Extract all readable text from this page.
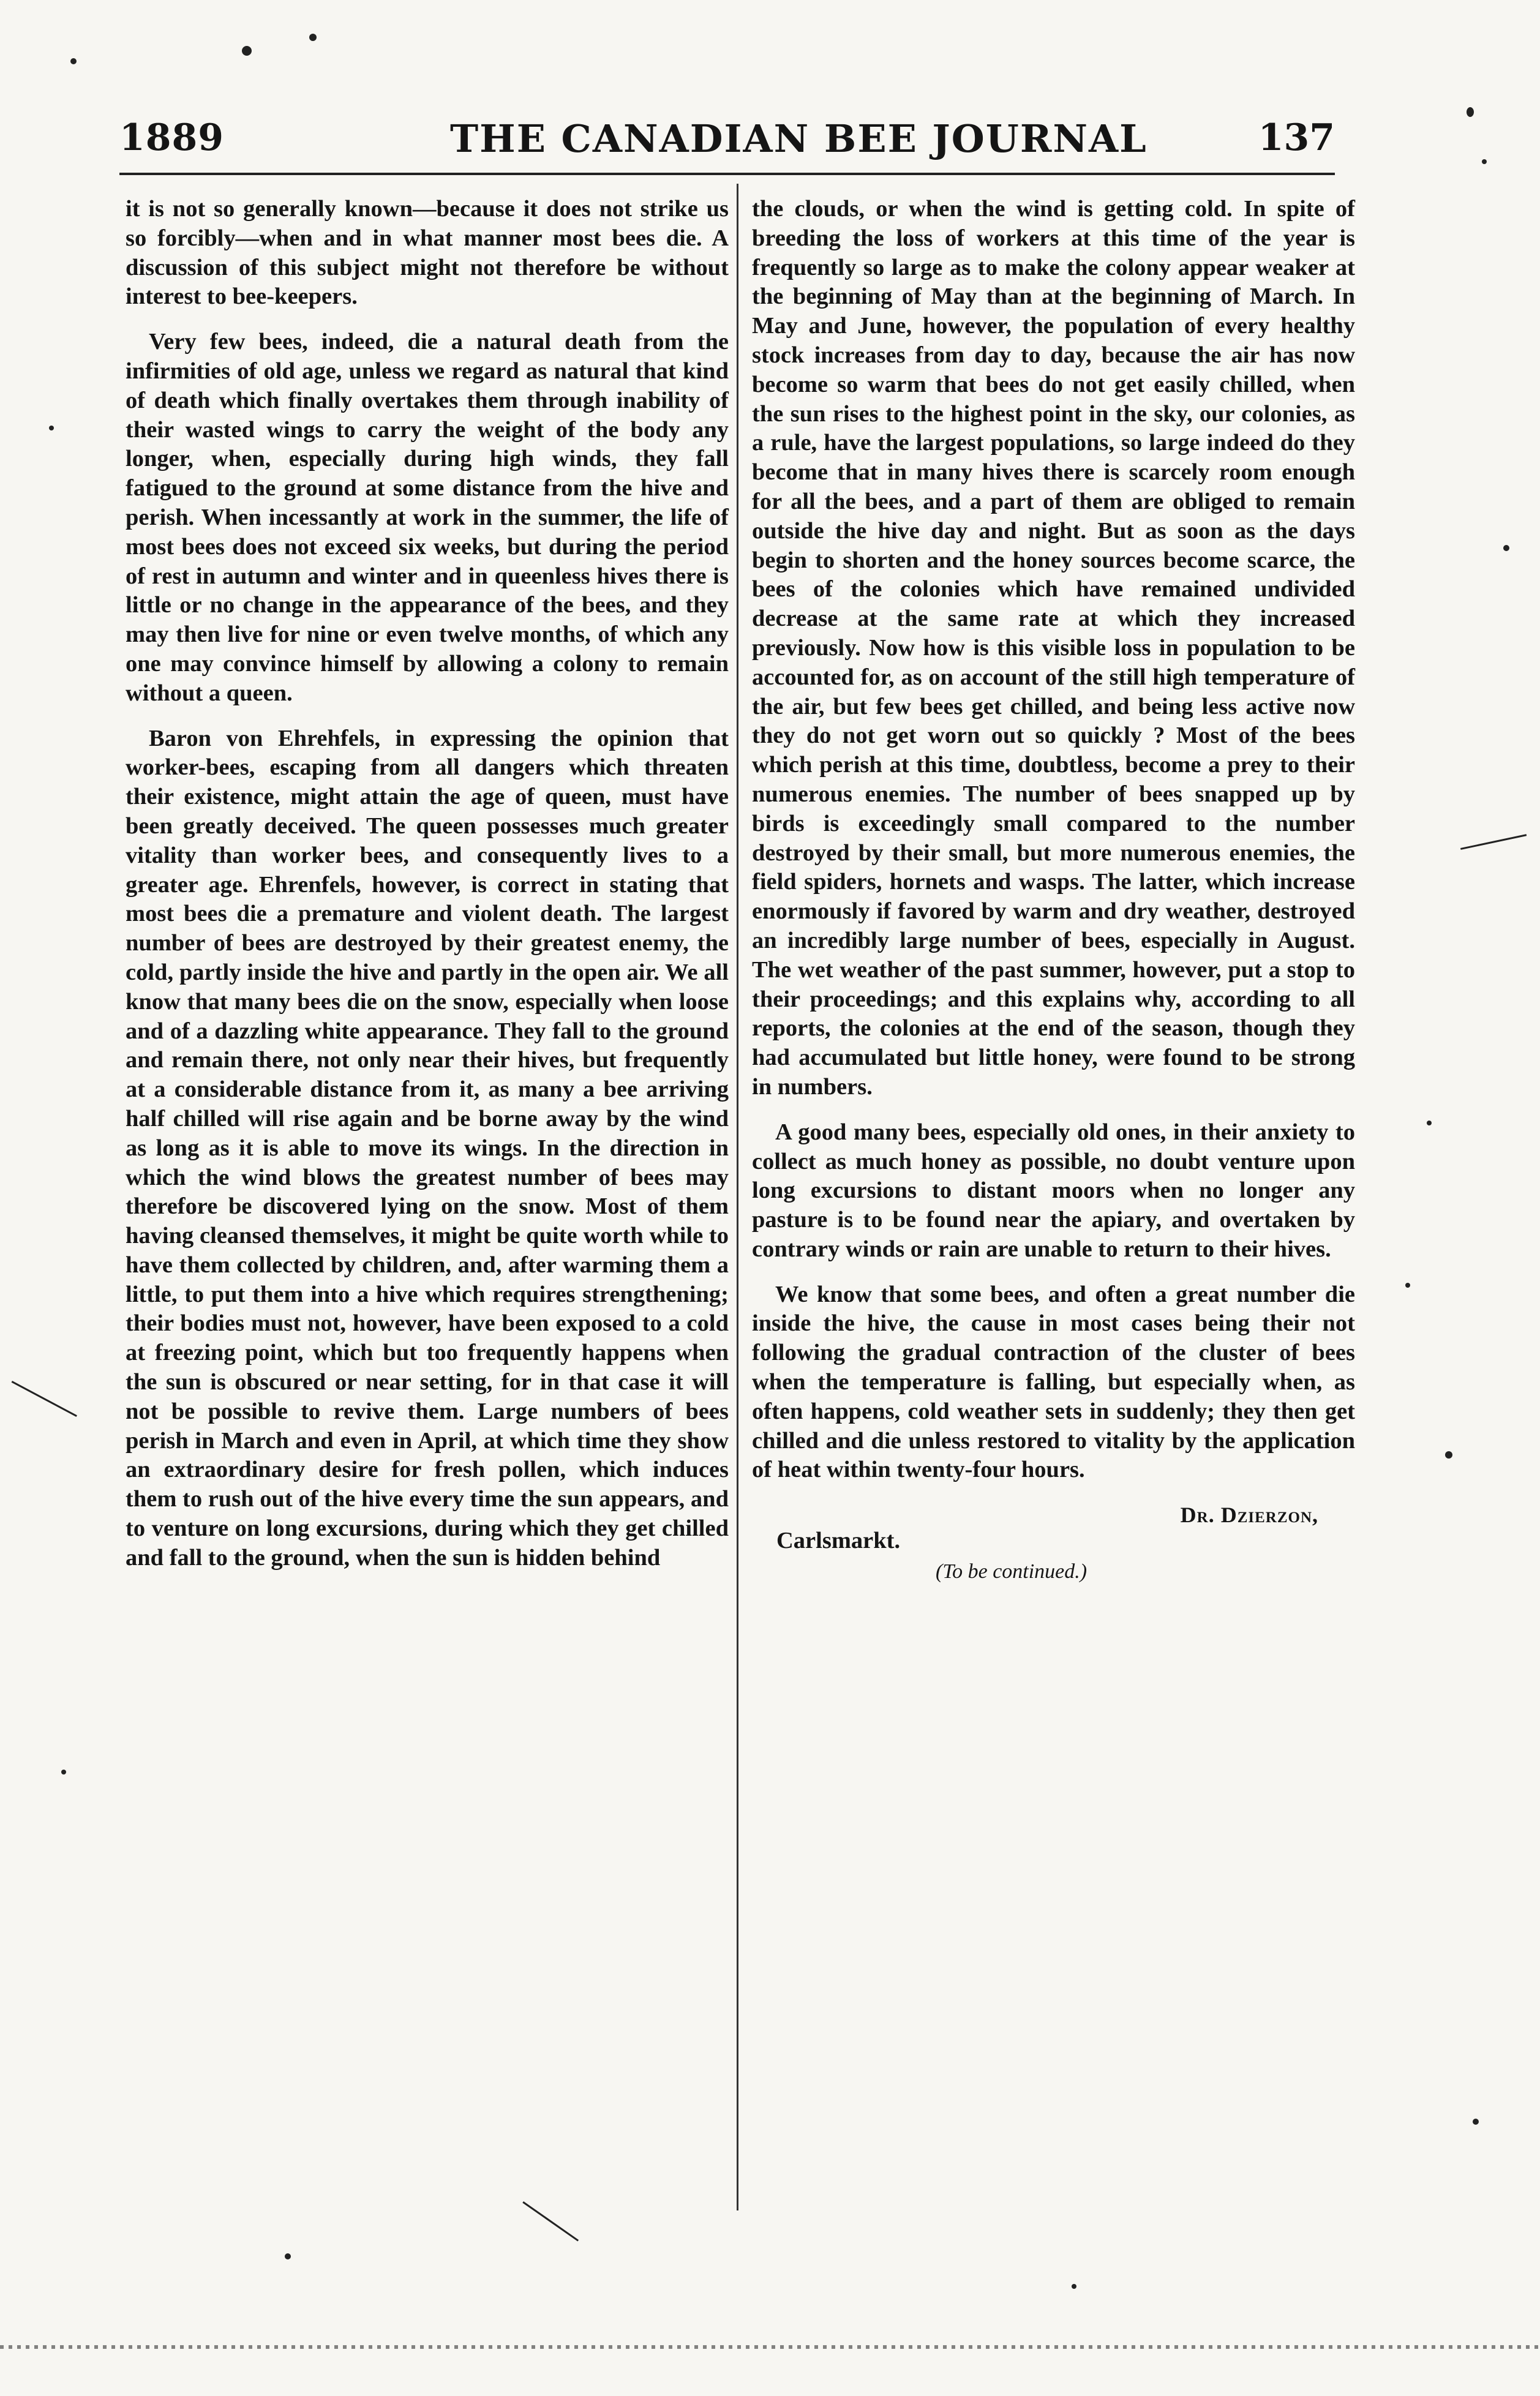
1889	THE CANADIAN BEE JOURNAL	137

it is not so generally known—because it does not strike us so forcibly—when and in what manner most bees die. A discussion of this subject might not therefore be without interest to bee-keepers.

Very few bees, indeed, die a natural death from the infirmities of old age, unless we regard as natural that kind of death which finally overtakes them through inability of their wasted wings to carry the weight of the body any longer, when, especially during high winds, they fall fatigued to the ground at some distance from the hive and perish. When incessantly at work in the summer, the life of most bees does not exceed six weeks, but during the period of rest in autumn and winter and in queenless hives there is little or no change in the appearance of the bees, and they may then live for nine or even twelve months, of which any one may convince himself by allowing a colony to remain without a queen.

Baron von Ehrehfels, in expressing the opinion that worker-bees, escaping from all dangers which threaten their existence, might attain the age of queen, must have been greatly deceived. The queen possesses much greater vitality than worker bees, and consequently lives to a greater age. Ehrenfels, however, is correct in stating that most bees die a premature and violent death. The largest number of bees are destroyed by their greatest enemy, the cold, partly inside the hive and partly in the open air. We all know that many bees die on the snow, especially when loose and of a dazzling white appearance. They fall to the ground and remain there, not only near their hives, but frequently at a considerable distance from it, as many a bee arriving half chilled will rise again and be borne away by the wind as long as it is able to move its wings. In the direction in which the wind blows the greatest number of bees may therefore be discovered lying on the snow. Most of them having cleansed themselves, it might be quite worth while to have them collected by children, and, after warming them a little, to put them into a hive which requires strengthening; their bodies must not, however, have been exposed to a cold at freezing point, which but too frequently happens when the sun is obscured or near setting, for in that case it will not be possible to revive them. Large numbers of bees perish in March and even in April, at which time they show an extraordinary desire for fresh pollen, which induces them to rush out of the hive every time the sun appears, and to venture on long excursions, during which they get chilled and fall to the ground, when the sun is hidden behind

the clouds, or when the wind is getting cold. In spite of breeding the loss of workers at this time of the year is frequently so large as to make the colony appear weaker at the beginning of May than at the beginning of March. In May and June, however, the population of every healthy stock increases from day to day, because the air has now become so warm that bees do not get easily chilled, when the sun rises to the highest point in the sky, our colonies, as a rule, have the largest populations, so large indeed do they become that in many hives there is scarcely room enough for all the bees, and a part of them are obliged to remain outside the hive day and night. But as soon as the days begin to shorten and the honey sources become scarce, the bees of the colonies which have remained undivided decrease at the same rate at which they increased previously. Now how is this visible loss in population to be accounted for, as on account of the still high temperature of the air, but few bees get chilled, and being less active now they do not get worn out so quickly ? Most of the bees which perish at this time, doubtless, become a prey to their numerous enemies. The number of bees snapped up by birds is exceedingly small compared to the number destroyed by their small, but more numerous enemies, the field spiders, hornets and wasps. The latter, which increase enormously if favored by warm and dry weather, destroyed an incredibly large number of bees, especially in August. The wet weather of the past summer, however, put a stop to their proceedings; and this explains why, according to all reports, the colonies at the end of the season, though they had accumulated but little honey, were found to be strong in numbers.

A good many bees, especially old ones, in their anxiety to collect as much honey as possible, no doubt venture upon long excursions to distant moors when no longer any pasture is to be found near the apiary, and overtaken by contrary winds or rain are unable to return to their hives.

We know that some bees, and often a great number die inside the hive, the cause in most cases being their not following the gradual contraction of the cluster of bees when the temperature is falling, but especially when, as often happens, cold weather sets in suddenly; they then get chilled and die unless restored to vitality by the application of heat within twenty-four hours.

Dr. Dzierzon,
Carlsmarkt.
(To be continued.)
